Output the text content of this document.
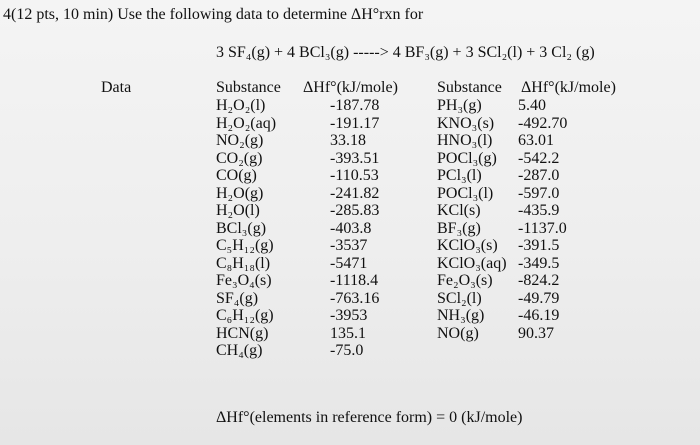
4(12 pts, 10 min) Use the following data to determine ΔH°rxn for
3 SF₄(g) + 4 BCl₃(g) -----> 4 BF₃(g) + 3 SCl₂(l) + 3 Cl₂ (g)
Data	Substance ΔHf°(kJ/mole)
H₂O₂(l)
H₂O₂(aq)
NO₂(g)
CO₂(g)
CO(g)
H₂O(g)
H₂O(l)
BCl₃(g)
C₅H₁₂(g)
C₈H₁₈(l)
Fe₃O₄(s)
SF₄(g)
C₆H₁₂(g)
HCN(g)
CH₄(g)
-187.78
-191.17
33.18
-393.51
-110.53
-241.82
-285.83
-403.8
-3537
-5471
-1118.4
-763.16
-3953
135.1
-75.0
Substance ΔHf°(kJ/mole)
PH₃(g)
KNO₃(s)
HNO₃(l)
POCl₃(g)
PCl₃(l)
POCl₃(l)
KCl(s)
BF₃(g)
KClO₃(s)
KClO₃(aq)
Fe₂O₃(s)
SCl₂(l)
NH₃(g)
NO(g)
5.40
-492.70
63.01
-542.2
-287.0
-597.0
-435.9
-1137.0
-391.5
-349.5
-824.2
-49.79
-46.19
90.37
ΔHf°(elements in reference form) = 0 (kJ/mole)
